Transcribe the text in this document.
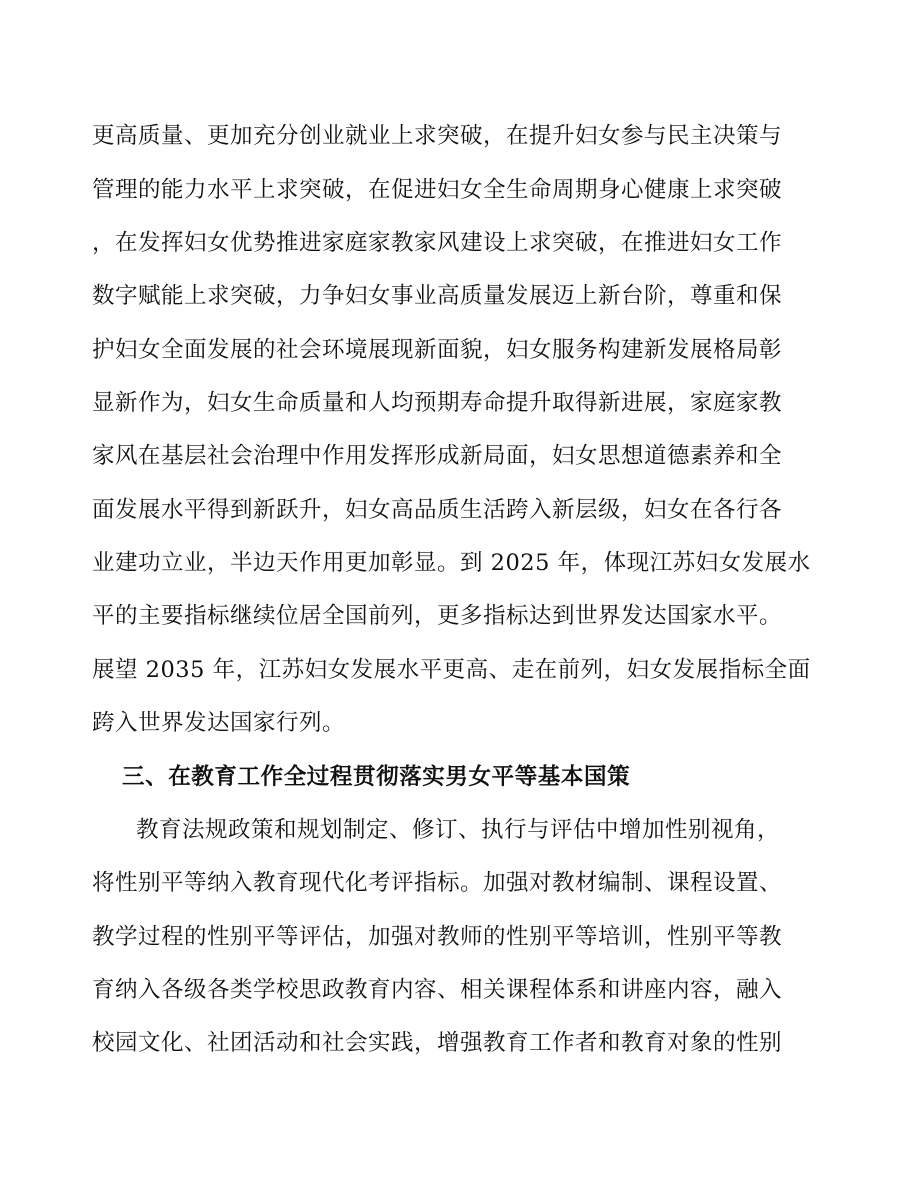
更高质量、更加充分创业就业上求突破，在提升妇女参与民主决策与
管理的能力水平上求突破，在促进妇女全生命周期身心健康上求突破
，在发挥妇女优势推进家庭家教家风建设上求突破，在推进妇女工作
数字赋能上求突破，力争妇女事业高质量发展迈上新台阶，尊重和保
护妇女全面发展的社会环境展现新面貌，妇女服务构建新发展格局彰
显新作为，妇女生命质量和人均预期寿命提升取得新进展，家庭家教
家风在基层社会治理中作用发挥形成新局面，妇女思想道德素养和全
面发展水平得到新跃升，妇女高品质生活跨入新层级，妇女在各行各
业建功立业，半边天作用更加彰显。到 2025 年，体现江苏妇女发展水
平的主要指标继续位居全国前列，更多指标达到世界发达国家水平。
展望 2035 年，江苏妇女发展水平更高、走在前列，妇女发展指标全面
跨入世界发达国家行列。
三、在教育工作全过程贯彻落实男女平等基本国策
教育法规政策和规划制定、修订、执行与评估中增加性别视角，
将性别平等纳入教育现代化考评指标。加强对教材编制、课程设置、
教学过程的性别平等评估，加强对教师的性别平等培训，性别平等教
育纳入各级各类学校思政教育内容、相关课程体系和讲座内容，融入
校园文化、社团活动和社会实践，增强教育工作者和教育对象的性别
